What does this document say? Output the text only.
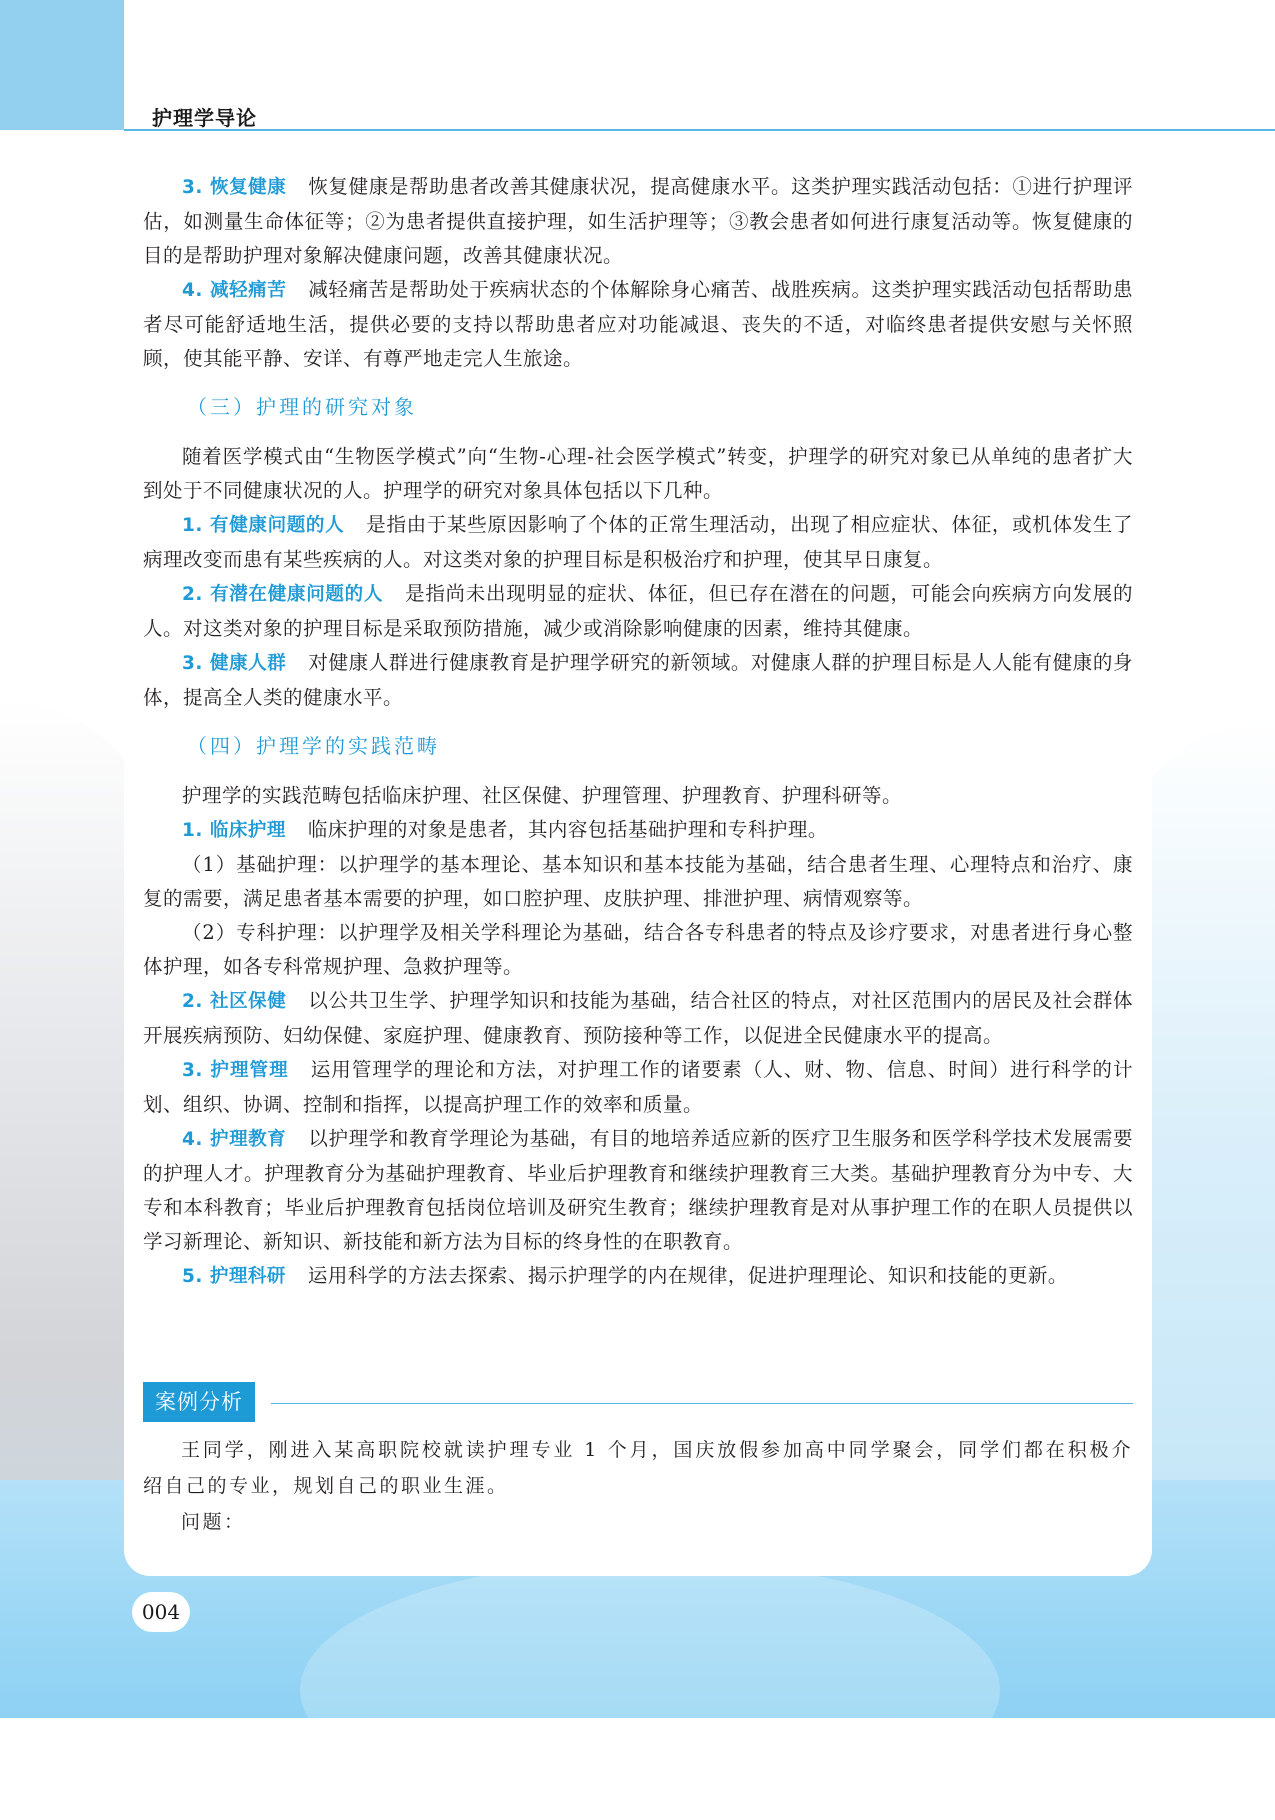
护理学导论

3. 恢复健康 恢复健康是帮助患者改善其健康状况，提高健康水平。这类护理实践活动包括：①进行护理评估，如测量生命体征等；②为患者提供直接护理，如生活护理等；③教会患者如何进行康复活动等。恢复健康的目的是帮助护理对象解决健康问题，改善其健康状况。

4. 减轻痛苦 减轻痛苦是帮助处于疾病状态的个体解除身心痛苦、战胜疾病。这类护理实践活动包括帮助患者尽可能舒适地生活，提供必要的支持以帮助患者应对功能减退、丧失的不适，对临终患者提供安慰与关怀照顾，使其能平静、安详、有尊严地走完人生旅途。

（三）护理的研究对象

随着医学模式由“生物医学模式”向“生物-心理-社会医学模式”转变，护理学的研究对象已从单纯的患者扩大到处于不同健康状况的人。护理学的研究对象具体包括以下几种。

1. 有健康问题的人 是指由于某些原因影响了个体的正常生理活动，出现了相应症状、体征，或机体发生了病理改变而患有某些疾病的人。对这类对象的护理目标是积极治疗和护理，使其早日康复。

2. 有潜在健康问题的人 是指尚未出现明显的症状、体征，但已存在潜在的问题，可能会向疾病方向发展的人。对这类对象的护理目标是采取预防措施，减少或消除影响健康的因素，维持其健康。

3. 健康人群 对健康人群进行健康教育是护理学研究的新领域。对健康人群的护理目标是人人能有健康的身体，提高全人类的健康水平。

（四）护理学的实践范畴

护理学的实践范畴包括临床护理、社区保健、护理管理、护理教育、护理科研等。

1. 临床护理 临床护理的对象是患者，其内容包括基础护理和专科护理。

（1）基础护理：以护理学的基本理论、基本知识和基本技能为基础，结合患者生理、心理特点和治疗、康复的需要，满足患者基本需要的护理，如口腔护理、皮肤护理、排泄护理、病情观察等。

（2）专科护理：以护理学及相关学科理论为基础，结合各专科患者的特点及诊疗要求，对患者进行身心整体护理，如各专科常规护理、急救护理等。

2. 社区保健 以公共卫生学、护理学知识和技能为基础，结合社区的特点，对社区范围内的居民及社会群体开展疾病预防、妇幼保健、家庭护理、健康教育、预防接种等工作，以促进全民健康水平的提高。

3. 护理管理 运用管理学的理论和方法，对护理工作的诸要素（人、财、物、信息、时间）进行科学的计划、组织、协调、控制和指挥，以提高护理工作的效率和质量。

4. 护理教育 以护理学和教育学理论为基础，有目的地培养适应新的医疗卫生服务和医学科学技术发展需要的护理人才。护理教育分为基础护理教育、毕业后护理教育和继续护理教育三大类。基础护理教育分为中专、大专和本科教育；毕业后护理教育包括岗位培训及研究生教育；继续护理教育是对从事护理工作的在职人员提供以学习新理论、新知识、新技能和新方法为目标的终身性的在职教育。

5. 护理科研 运用科学的方法去探索、揭示护理学的内在规律，促进护理理论、知识和技能的更新。

案例分析

王同学，刚进入某高职院校就读护理专业 1 个月，国庆放假参加高中同学聚会，同学们都在积极介绍自己的专业，规划自己的职业生涯。

问题：

004
